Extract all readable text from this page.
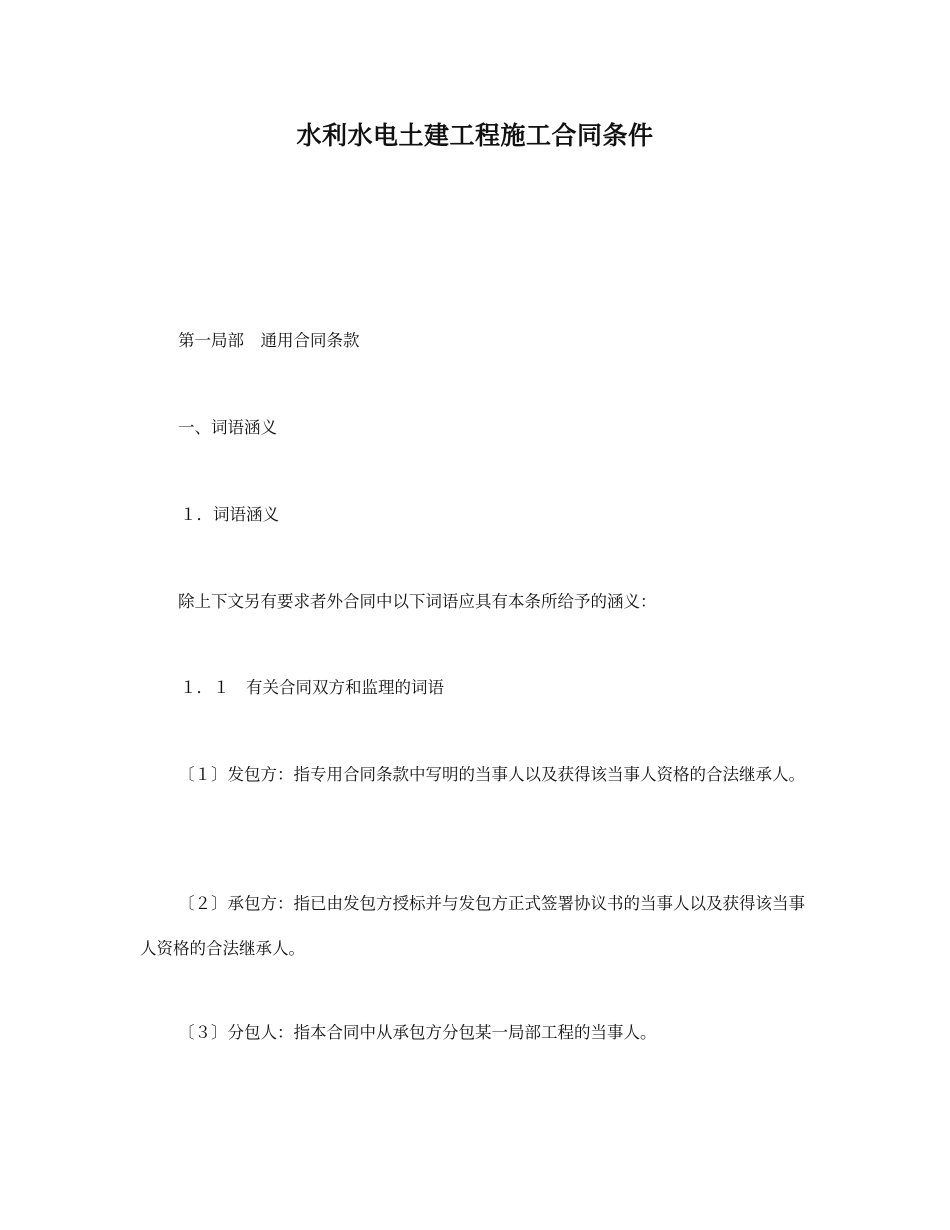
水利水电土建工程施工合同条件

第一局部　通用合同条款

一、词语涵义

１．词语涵义

除上下文另有要求者外合同中以下词语应具有本条所给予的涵义：

１．１　有关合同双方和监理的词语

〔１〕发包方：指专用合同条款中写明的当事人以及获得该当事人资格的合法继承人。

〔２〕承包方：指已由发包方授标并与发包方正式签署协议书的当事人以及获得该当事人资格的合法继承人。

〔３〕分包人：指本合同中从承包方分包某一局部工程的当事人。
